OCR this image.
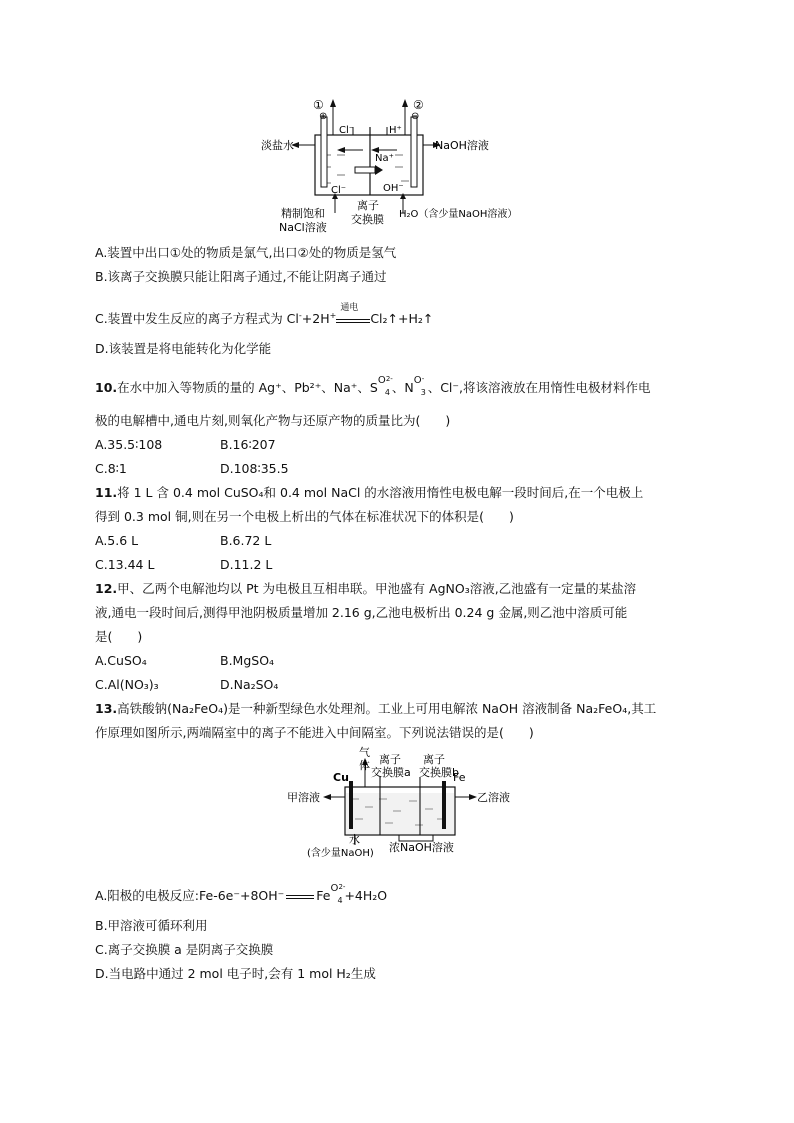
①	②
⊕	⊖
Cl⁻	H⁺
淡盐水	NaOH溶液
Na⁺
Cl⁻	OH⁻
精制饱和
NaCl溶液
离子
交换膜 H₂O（含少量NaOH溶液）
A.装置中出口①处的物质是氯气,出口②处的物质是氢气
B.该离子交换膜只能让阳离子通过,不能让阴离子通过
C.装置中发生反应的离子方程式为 Cl-+2H+
通电
Cl₂↑+H₂↑
D.该装置是将电能转化为化学能
10.在水中加入等物质的量的 Ag⁺、Pb²⁺、Na⁺、S O
4
2-
、N O
3
-
、Cl⁻,将该溶液放在用惰性电极材料作电
极的电解槽中,通电片刻,则氧化产物与还原产物的质量比为(　　)
A.35.5∶108	B.16∶207
C.8∶1	D.108∶35.5
11.将 1 L 含 0.4 mol CuSO₄和 0.4 mol NaCl 的水溶液用惰性电极电解一段时间后,在一个电极上
得到 0.3 mol 铜,则在另一个电极上析出的气体在标准状况下的体积是(　　)
A.5.6 L	B.6.72 L
C.13.44 L	D.11.2 L
12.甲、乙两个电解池均以 Pt 为电极且互相串联。甲池盛有 AgNO₃溶液,乙池盛有一定量的某盐溶
液,通电一段时间后,测得甲池阴极质量增加 2.16 g,乙池电极析出 0.24 g 金属,则乙池中溶质可能
是(　　)
A.CuSO₄	B.MgSO₄
C.Al(NO₃)₃	D.Na₂SO₄
13.高铁酸钠(Na₂FeO₄)是一种新型绿色水处理剂。工业上可用电解浓 NaOH 溶液制备 Na₂FeO₄,其工
作原理如图所示,两端隔室中的离子不能进入中间隔室。下列说法错误的是(　　)
气
体 离子
交换膜a
离子
交换膜b
Cu	Fe
甲溶液	乙溶液
水
(含少量NaOH) 浓NaOH溶液
A.阳极的电极反应:Fe-6e⁻+8OH⁻	Fe O
4
2-
+4H₂O
B.甲溶液可循环利用
C.离子交换膜 a 是阴离子交换膜
D.当电路中通过 2 mol 电子时,会有 1 mol H₂生成
